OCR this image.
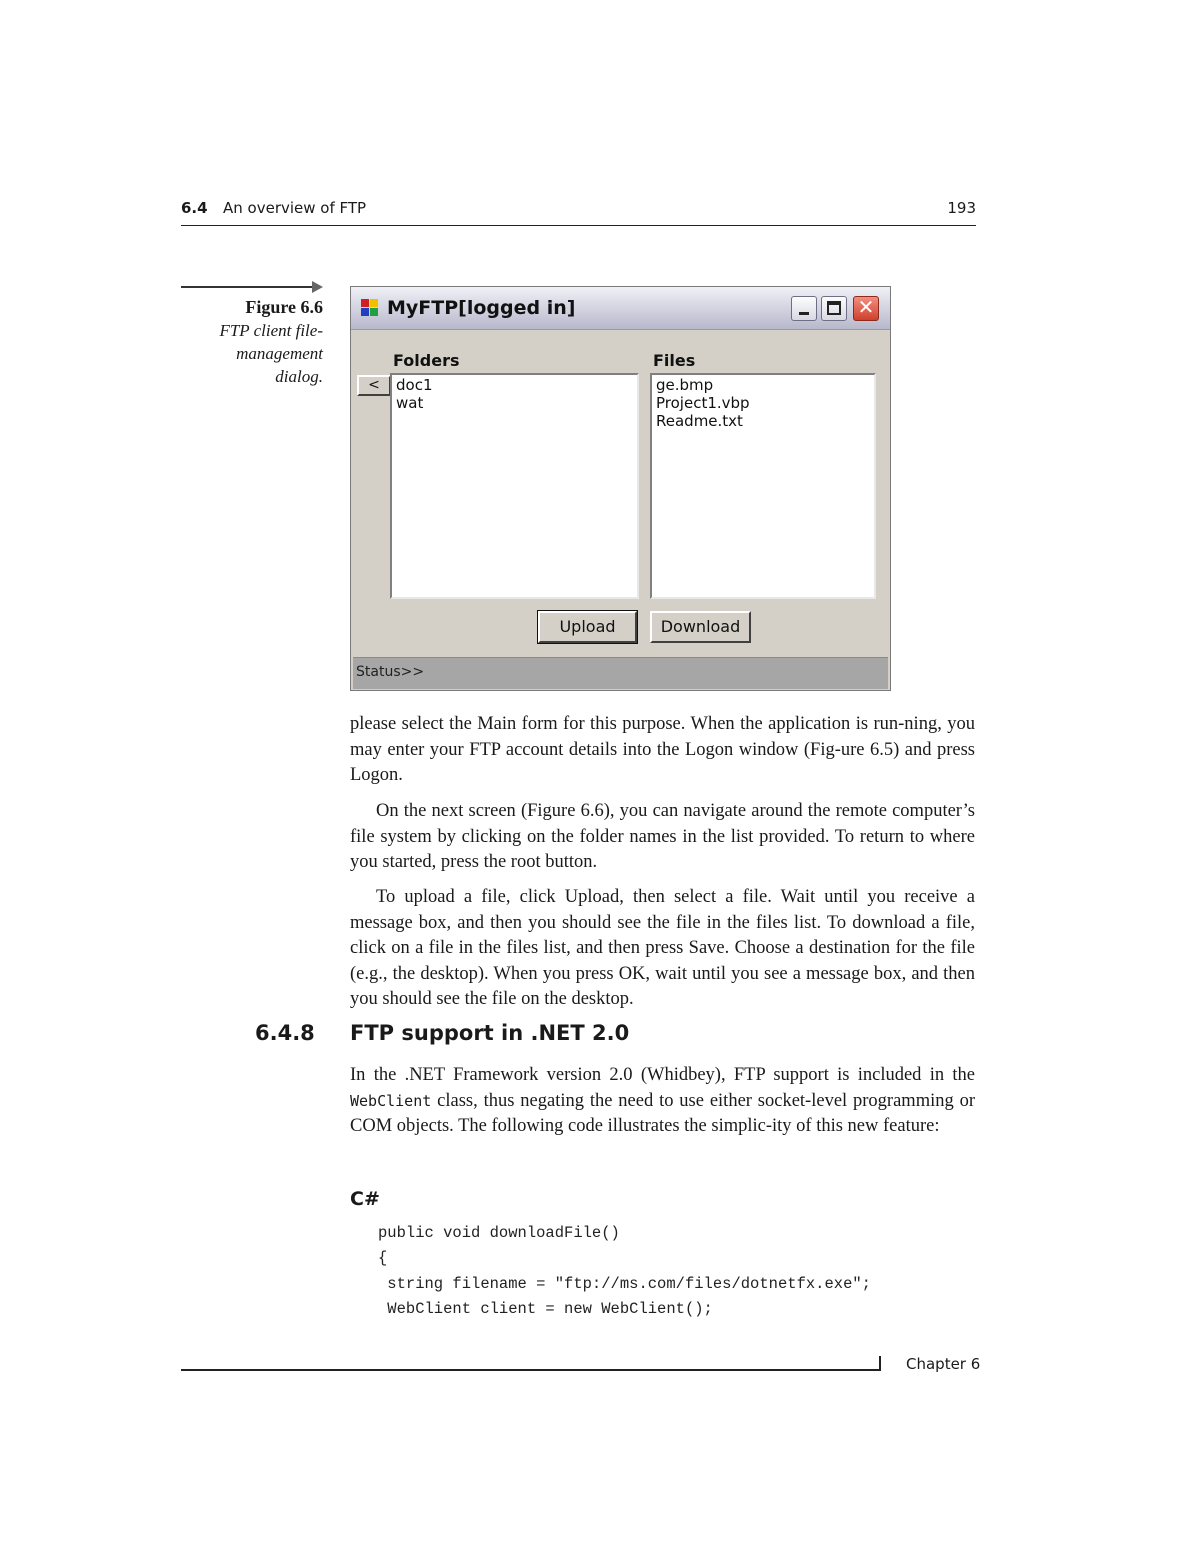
6.4 An overview of FTP	193
Figure 6.6
FTP client file-
management
dialog.
MyFTP[logged in]	✕
Folders	Files
<	doc1
wat
ge.bmp
Project1.vbp
Readme.txt
Upload	Download
Status>>
please select the Main form for this purpose. When the application is run-ning, you may enter your FTP account details into the Logon window (Fig-ure 6.5) and press Logon.
On the next screen (Figure 6.6), you can navigate around the remote computer’s file system by clicking on the folder names in the list provided. To return to where you started, press the root button.
To upload a file, click Upload, then select a file. Wait until you receive a message box, and then you should see the file in the files list. To download a file, click on a file in the files list, and then press Save. Choose a destination for the file (e.g., the desktop). When you press OK, wait until you see a message box, and then you should see the file on the desktop.
6.4.8 FTP support in .NET 2.0
In the .NET Framework version 2.0 (Whidbey), FTP support is included in the WebClient class, thus negating the need to use either socket-level programming or COM objects. The following code illustrates the simplic-ity of this new feature:
C#
public void downloadFile()
{
string filename = "ftp://ms.com/files/dotnetfx.exe";
WebClient client = new WebClient();
Chapter 6
